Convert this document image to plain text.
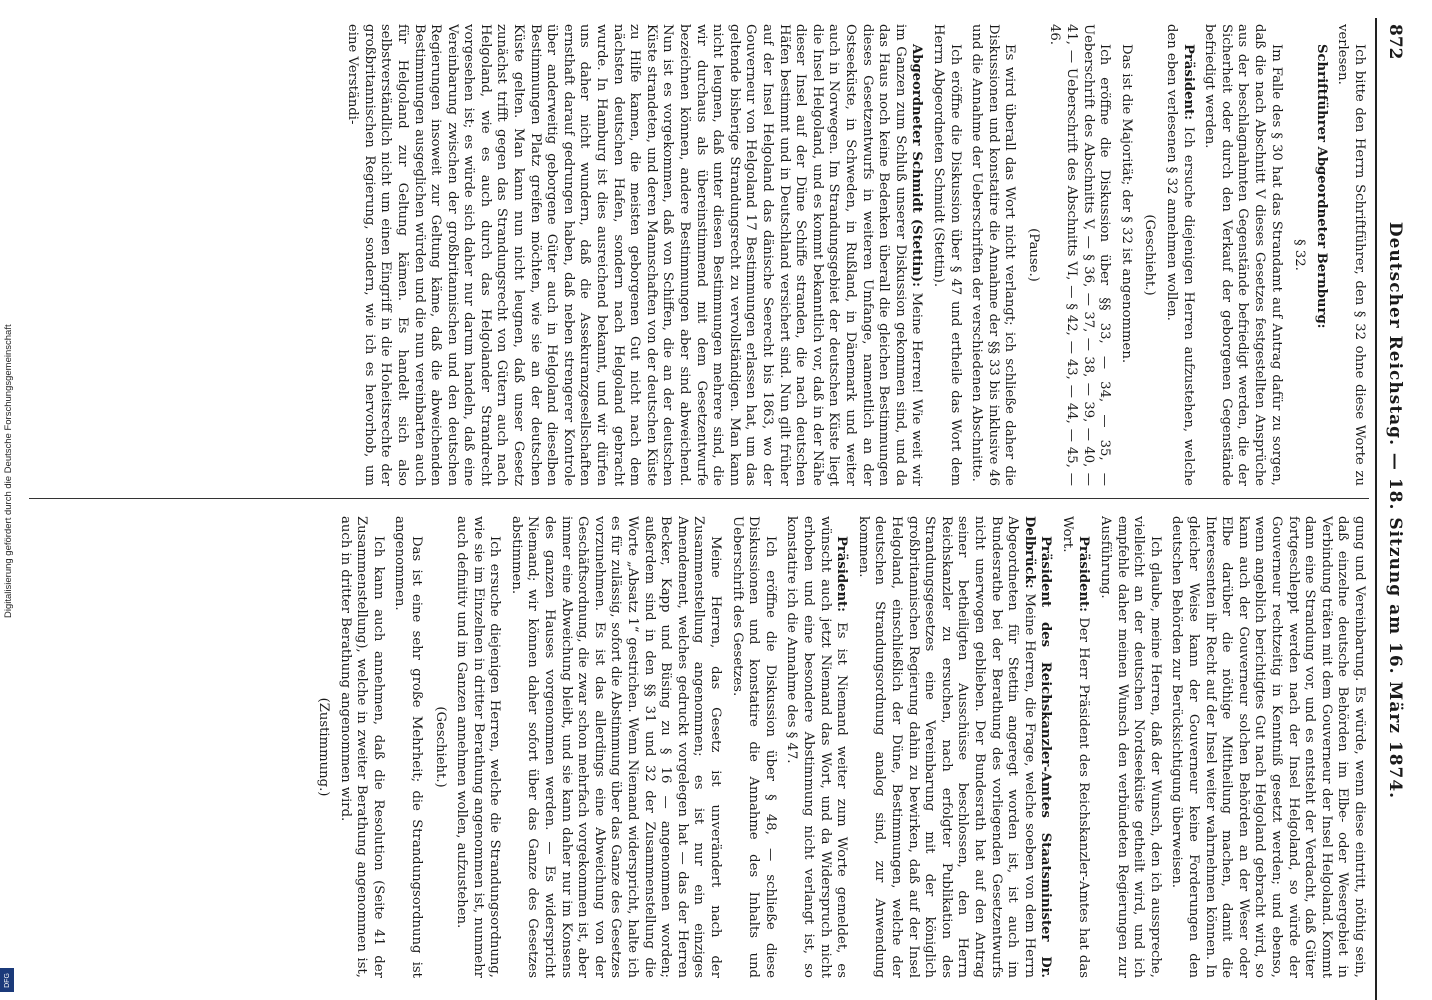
872
Deutscher Reichstag. — 18. Sitzung am 16. März 1874.

Ich bitte den Herrn Schriftführer, den § 32 ohne diese Worte zu verlesen.

Schriftführer Abgeordneter Bernburg:

§ 32.

Im Falle des § 30 hat das Strandamt auf Antrag dafür zu sorgen, daß die nach Abschnitt V dieses Gesetzes festgestellten Ansprüche aus der beschlagnahmten Gegenstände befriedigt werden, die der Sicherheit oder durch den Verkauf der geborgenen Gegenstände befriedigt werden.

Präsident: Ich ersuche diejenigen Herren aufzustehen, welche den eben verlesenen § 32 annehmen wollen.

(Geschieht.)

Das ist die Majorität; der § 32 ist angenommen.

Ich eröffne die Diskussion über §§ 33, — 34, — 35, — Ueberschrift des Abschnitts V, — § 36, — 37, — 38, — 39, — 40, — 41, — Ueberschrift des Abschnitts VI, — § 42, — 43, — 44, — 45, — 46.

(Pause.)

Es wird überall das Wort nicht verlangt; ich schließe daher die Diskussionen und konstatire die Annahme der §§ 33 bis inklusive 46 und die Annahme der Ueberschriften der verschiedenen Abschnitte.

Ich eröffne die Diskussion über § 47 und ertheile das Wort dem Herrn Abgeordneten Schmidt (Stettin).

Abgeordneter Schmidt (Stettin): Meine Herren! Wie weit wir im Ganzen zum Schluß unserer Diskussion gekommen sind, und da das Haus noch keine Bedenken überall die gleichen Bestimmungen dieses Gesetzentwurfs in weiteren Umfange, namentlich an der Ostseeküste, in Schweden, in Rußland, in Dänemark und weiter auch in Norwegen. Im Strandungsgebiet der deutschen Küste liegt die Insel Helgoland, und es kommt bekanntlich vor, daß in der Nähe dieser Insel auf der Düne Schiffe stranden, die nach deutschen Häfen bestimmt und in Deutschland versichert sind. Nun gilt früher auf der Insel Helgoland das dänische Seerecht bis 1863, wo der Gouverneur von Helgoland 17 Bestimmungen erlassen hat, um das geltende bisherige Strandungsrecht zu vervollständigen. Man kann nicht leugnen, daß unter diesen Bestimmungen mehrere sind, die wir durchaus als übereinstimmend mit dem Gesetzentwurfe bezeichnen können, andere Bestimmungen aber sind abweichend. Nun ist es vorgekommen, daß von Schiffen, die an der deutschen Küste strandeten, und deren Mannschaften von der deutschen Küste zu Hilfe kamen, die meisten geborgenen Gut nicht nach dem nächsten deutschen Hafen, sondern nach Helgoland gebracht wurde. In Hamburg ist dies ausreichend bekannt, und wir dürfen uns daher nicht wundern, daß die Assekuranzgesellschaften ernsthaft darauf gedrungen haben, daß neben strengerer Kontrole über anderweitig geborgene Güter auch in Helgoland dieselben Bestimmungen Platz greifen möchten, wie sie an der deutschen Küste gelten. Man kann nun nicht leugnen, daß unser Gesetz zunächst trifft gegen das Strandungsrecht von Gütern auch nach Helgoland, wie es auch durch das Helgolander Strandrecht vorgesehen ist; es würde sich daher nur darum handeln, daß eine Vereinbarung zwischen der großbritannischen und den deutschen Regierungen insoweit zur Geltung käme, daß die abweichenden Bestimmungen ausgeglichen würden und die nun vereinbarten auch für Helgoland zur Geltung kämen. Es handelt sich also selbstverständlich nicht um einen Eingriff in die Hoheitsrechte der großbritannischen Regierung, sondern, wie ich es hervorhob, um eine Verständi-

gung und Vereinbarung. Es würde, wenn diese eintritt, nöthig sein, daß einzelne deutsche Behörden im Elbe- oder Wesergebiet in Verbindung träten mit dem Gouverneur der Insel Helgoland. Kommt dann eine Strandung vor, und es entsteht der Verdacht, daß Güter fortgeschleppt werden nach der Insel Helgoland, so würde der Gouverneur rechtzeitig in Kenntniß gesetzt werden; und ebenso, wenn angeblich berichtigtes Gut nach Helgoland gebracht wird, so kann auch der Gouverneur solchen Behörden an der Weser oder Elbe darüber die nöthige Mittheilung machen, damit die Interessenten ihr Recht auf der Insel weiter wahrnehmen können. In gleicher Weise kann der Gouverneur keine Forderungen den deutschen Behörden zur Berücksichtigung überweisen.

Ich glaube, meine Herren, daß der Wunsch, den ich ausspreche, vielleicht an der deutschen Nordseeküste getheilt wird, und ich empfehle daher meinen Wunsch den verbündeten Regierungen zur Ausführung.

Präsident: Der Herr Präsident des Reichskanzler-Amtes hat das Wort.

Präsident des Reichskanzler-Amtes Staatsminister Dr. Delbrück: Meine Herren, die Frage, welche soeben von dem Herrn Abgeordneten für Stettin angeregt worden ist, ist auch im Bundesrathe bei der Berathung des vorliegenden Gesetzentwurfs nicht unerwogen geblieben. Der Bundesrath hat auf den Antrag seiner betheiligten Ausschüsse beschlossen, den Herrn Reichskanzler zu ersuchen, nach erfolgter Publikation des Strandungsgesetzes eine Vereinbarung mit der königlich großbritannischen Regierung dahin zu bewirken, daß auf der Insel Helgoland, einschließlich der Düne, Bestimmungen, welche der deutschen Strandungsordnung analog sind, zur Anwendung kommen.

Präsident: Es ist Niemand weiter zum Worte gemeldet, es wünscht auch jetzt Niemand das Wort, und da Widerspruch nicht erhoben und eine besondere Abstimmung nicht verlangt ist, so konstatire ich die Annahme des § 47.

Ich eröffne die Diskussion über § 48, — schließe diese Diskussionen und konstatire die Annahme des Inhalts und Ueberschrift des Gesetzes.

Meine Herren, das Gesetz ist unverändert nach der Zusammenstellung angenommen; es ist nur ein einziges Amendement, welches gedruckt vorgelegen hat — das der Herren Becker, Kapp und Büsing zu § 16 — angenommen worden; außerdem sind in den §§ 31 und 32 der Zusammenstellung die Worte „Absatz 1“ gestrichen. Wenn Niemand widerspricht, halte ich es für zulässig, sofort die Abstimmung über das Ganze des Gesetzes vorzunehmen. Es ist das allerdings eine Abweichung von der Geschäftsordnung, die zwar schon mehrfach vorgekommen ist, aber immer eine Abweichung bleibt, und sie kann daher nur im Konsens des ganzen Hauses vorgenommen werden. — Es widerspricht Niemand; wir können daher sofort über das Ganze des Gesetzes abstimmen.

Ich ersuche diejenigen Herren, welche die Strandungsordnung, wie sie im Einzelnen in dritter Berathung angenommen ist, nunmehr auch definitiv und im Ganzen annehmen wollen, aufzustehen.

(Geschieht.)

Das ist eine sehr große Mehrheit; die Strandungsordnung ist angenommen.

Ich kann auch annehmen, daß die Resolution (Seite 41 der Zusammenstellung), welche in zweiter Berathung angenommen ist, auch in dritter Berathung angenommen wird.

(Zustimmung.)

Digitalisierung gefördert durch die Deutsche Forschungsgemeinschaft
DFG
